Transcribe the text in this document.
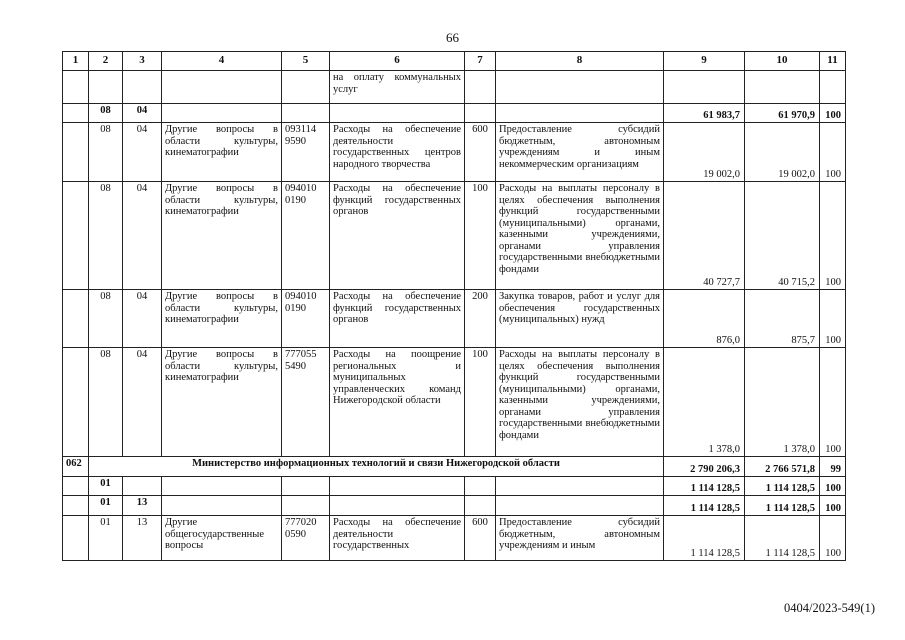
66
1	2	3	4	5	6	7	8	9	10	11
					на оплату коммунальных услуг					
	08	04						61 983,7	61 970,9	100
	08	04	Другие вопросы в области культуры, кинематографии	093114 9590	Расходы на обеспечение деятельности государственных центров народного творчества	600	Предоставление субсидий бюджетным, автономным учреждениям и иным некоммерческим организациям	19 002,0	19 002,0	100
	08	04	Другие вопросы в области культуры, кинематографии	094010 0190	Расходы на обеспечение функций государственных органов	100	Расходы на выплаты персоналу в целях обеспечения выполнения функций государственными (муниципальными) органами, казенными учреждениями, органами управления государственными внебюджетными фондами	40 727,7	40 715,2	100
	08	04	Другие вопросы в области культуры, кинематографии	094010 0190	Расходы на обеспечение функций государственных органов	200	Закупка товаров, работ и услуг для обеспечения государственных (муниципальных) нужд	876,0	875,7	100
	08	04	Другие вопросы в области культуры, кинематографии	777055 5490	Расходы на поощрение региональных и муниципальных управленческих команд Нижегородской области	100	Расходы на выплаты персоналу в целях обеспечения выполнения функций государственными (муниципальными) органами, казенными учреждениями, органами управления государственными внебюджетными фондами	1 378,0	1 378,0	100
062	Министерство информационных технологий и связи Нижегородской области							2 790 206,3	2 766 571,8	99
	01							1 114 128,5	1 114 128,5	100
	01	13						1 114 128,5	1 114 128,5	100
	01	13	Другие общегосударственные вопросы	777020 0590	Расходы на обеспечение деятельности государственных	600	Предоставление субсидий бюджетным, автономным учреждениям и иным	1 114 128,5	1 114 128,5	100
0404/2023-549(1)
